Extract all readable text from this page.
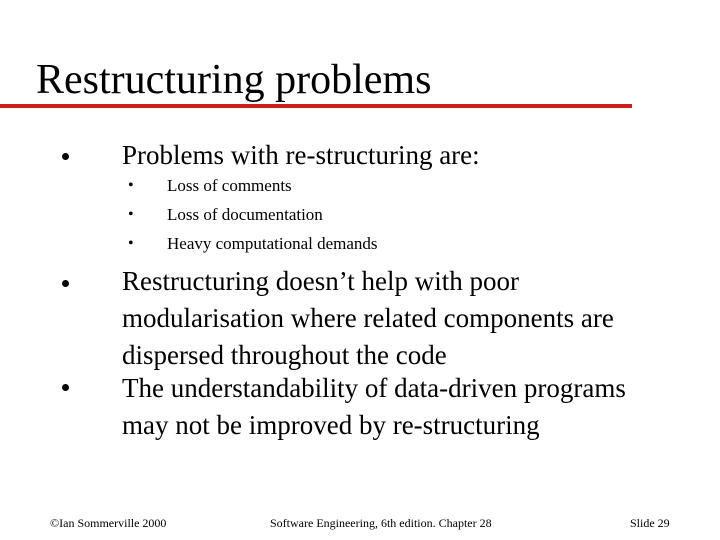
Restructuring problems

Problems with re-structuring are:

• Loss of comments

• Loss of documentation

• Heavy computational demands

Restructuring doesn’t help with poor modularisation where related components are dispersed throughout the code

The understandability of data-driven programs may not be improved by re-structuring

©Ian Sommerville 2000	Software Engineering, 6th edition. Chapter 28	Slide 29
